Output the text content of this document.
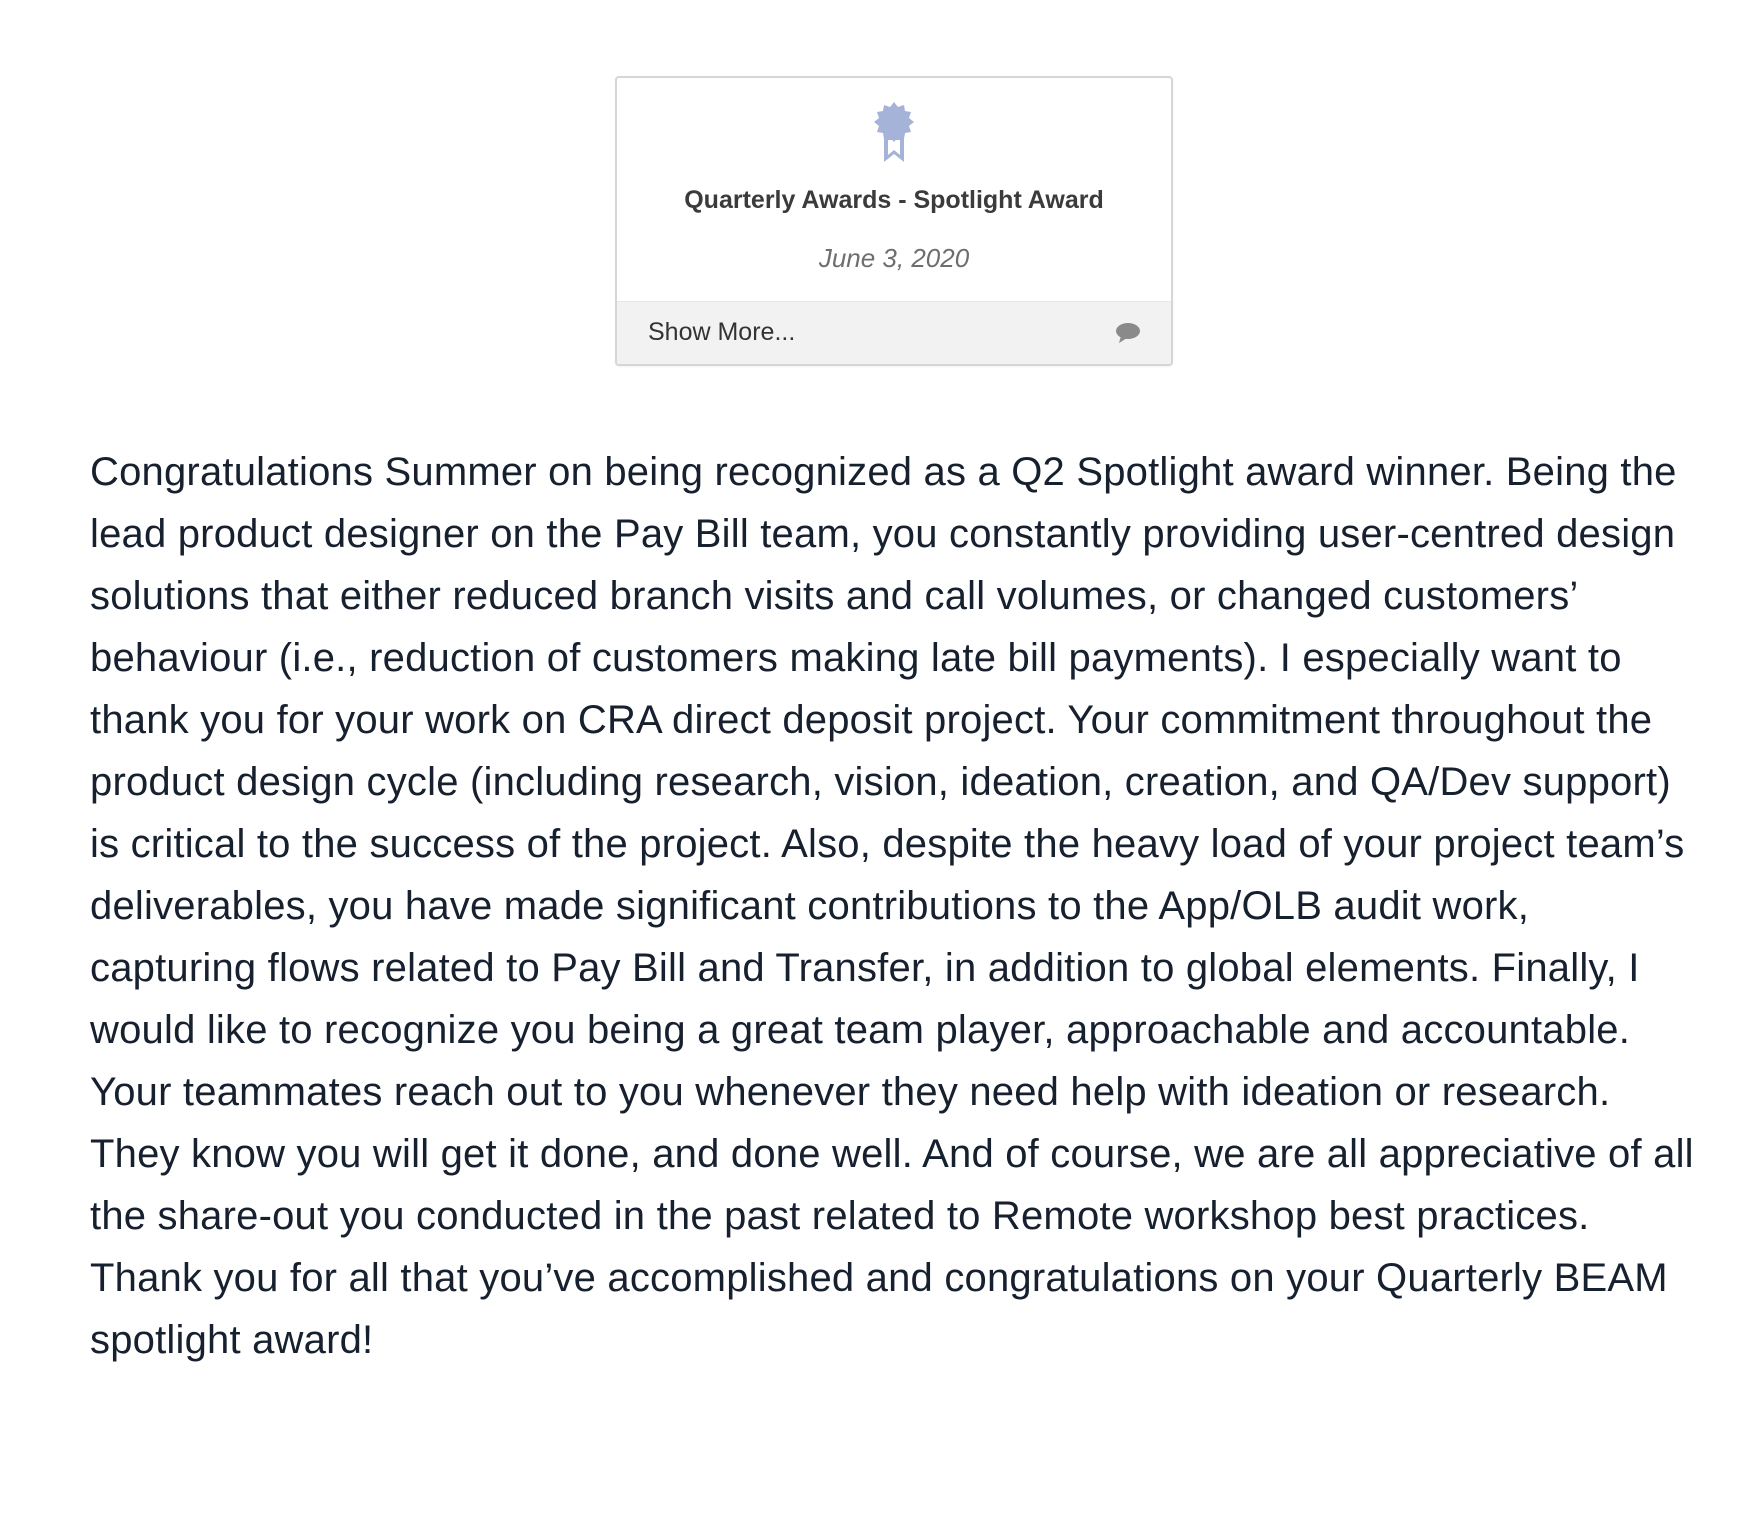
Quarterly Awards - Spotlight Award
June 3, 2020
Show More...

Congratulations Summer on being recognized as a Q2 Spotlight award winner. Being the lead product designer on the Pay Bill team, you constantly providing user-centred design solutions that either reduced branch visits and call volumes, or changed customers’ behaviour (i.e., reduction of customers making late bill payments). I especially want to thank you for your work on CRA direct deposit project. Your commitment throughout the product design cycle (including research, vision, ideation, creation, and QA/Dev support) is critical to the success of the project. Also, despite the heavy load of your project team’s deliverables, you have made significant contributions to the App/OLB audit work, capturing flows related to Pay Bill and Transfer, in addition to global elements. Finally, I would like to recognize you being a great team player, approachable and accountable. Your teammates reach out to you whenever they need help with ideation or research. They know you will get it done, and done well. And of course, we are all appreciative of all the share-out you conducted in the past related to Remote workshop best practices. Thank you for all that you’ve accomplished and congratulations on your Quarterly BEAM spotlight award!
